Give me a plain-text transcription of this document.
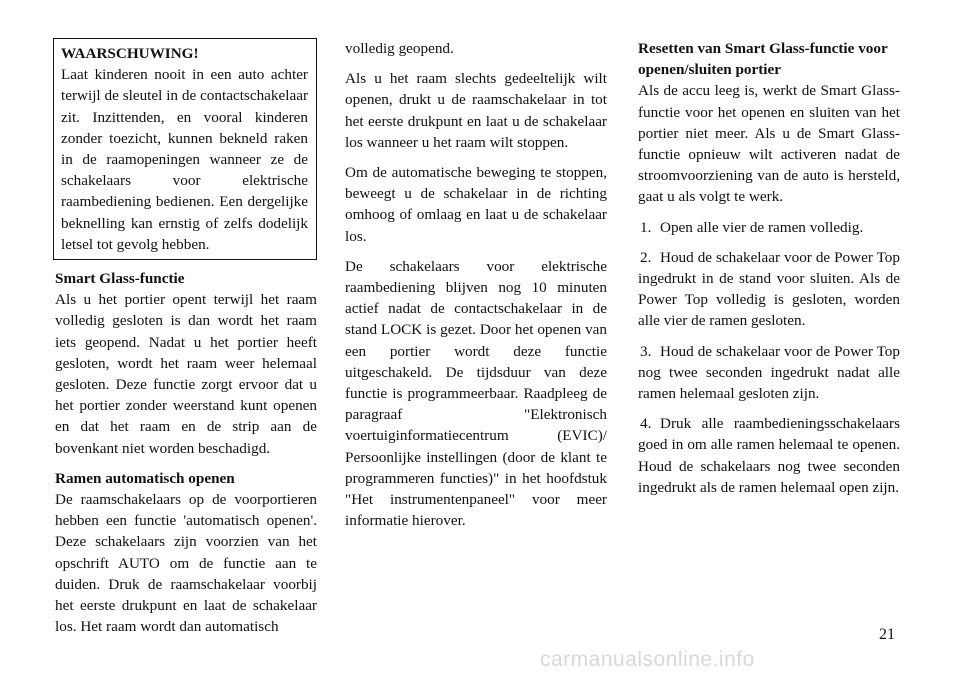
WAARSCHUWING!

Laat kinderen nooit in een auto achter terwijl de sleutel in de contactschakelaar zit. Inzittenden, en vooral kinderen zonder toezicht, kunnen bekneld raken in de raamopeningen wanneer ze de schakelaars voor elektrische raambediening bedienen. Een dergelijke beknelling kan ernstig of zelfs dodelijk letsel tot gevolg hebben.

Smart Glass-functie

Als u het portier opent terwijl het raam volledig gesloten is dan wordt het raam iets geopend. Nadat u het portier heeft gesloten, wordt het raam weer helemaal gesloten. Deze functie zorgt ervoor dat u het portier zonder weerstand kunt openen en dat het raam en de strip aan de bovenkant niet worden beschadigd.

Ramen automatisch openen

De raamschakelaars op de voorportieren hebben een functie 'automatisch openen'. Deze schakelaars zijn voorzien van het opschrift AUTO om de functie aan te duiden. Druk de raamschakelaar voorbij het eerste drukpunt en laat de schakelaar los. Het raam wordt dan automatisch

volledig geopend.

Als u het raam slechts gedeeltelijk wilt openen, drukt u de raamschakelaar in tot het eerste drukpunt en laat u de schakelaar los wanneer u het raam wilt stoppen.

Om de automatische beweging te stoppen, beweegt u de schakelaar in de richting omhoog of omlaag en laat u de schakelaar los.

De schakelaars voor elektrische raambediening blijven nog 10 minuten actief nadat de contactschakelaar in de stand LOCK is gezet. Door het openen van een portier wordt deze functie uitgeschakeld. De tijdsduur van deze functie is programmeerbaar. Raadpleeg de paragraaf "Elektronisch voertuiginformatiecentrum (EVIC)/ Persoonlijke instellingen (door de klant te programmeren functies)" in het hoofdstuk "Het instrumentenpaneel" voor meer informatie hierover.

Resetten van Smart Glass-functie voor openen/sluiten portier

Als de accu leeg is, werkt de Smart Glass-functie voor het openen en sluiten van het portier niet meer. Als u de Smart Glass-functie opnieuw wilt activeren nadat de stroomvoorziening van de auto is hersteld, gaat u als volgt te werk.

1. Open alle vier de ramen volledig.

2. Houd de schakelaar voor de Power Top ingedrukt in de stand voor sluiten. Als de Power Top volledig is gesloten, worden alle vier de ramen gesloten.

3. Houd de schakelaar voor de Power Top nog twee seconden ingedrukt nadat alle ramen helemaal gesloten zijn.

4. Druk alle raambedieningsschakelaars goed in om alle ramen helemaal te openen. Houd de schakelaars nog twee seconden ingedrukt als de ramen helemaal open zijn.

21
carmanualsonline.info
